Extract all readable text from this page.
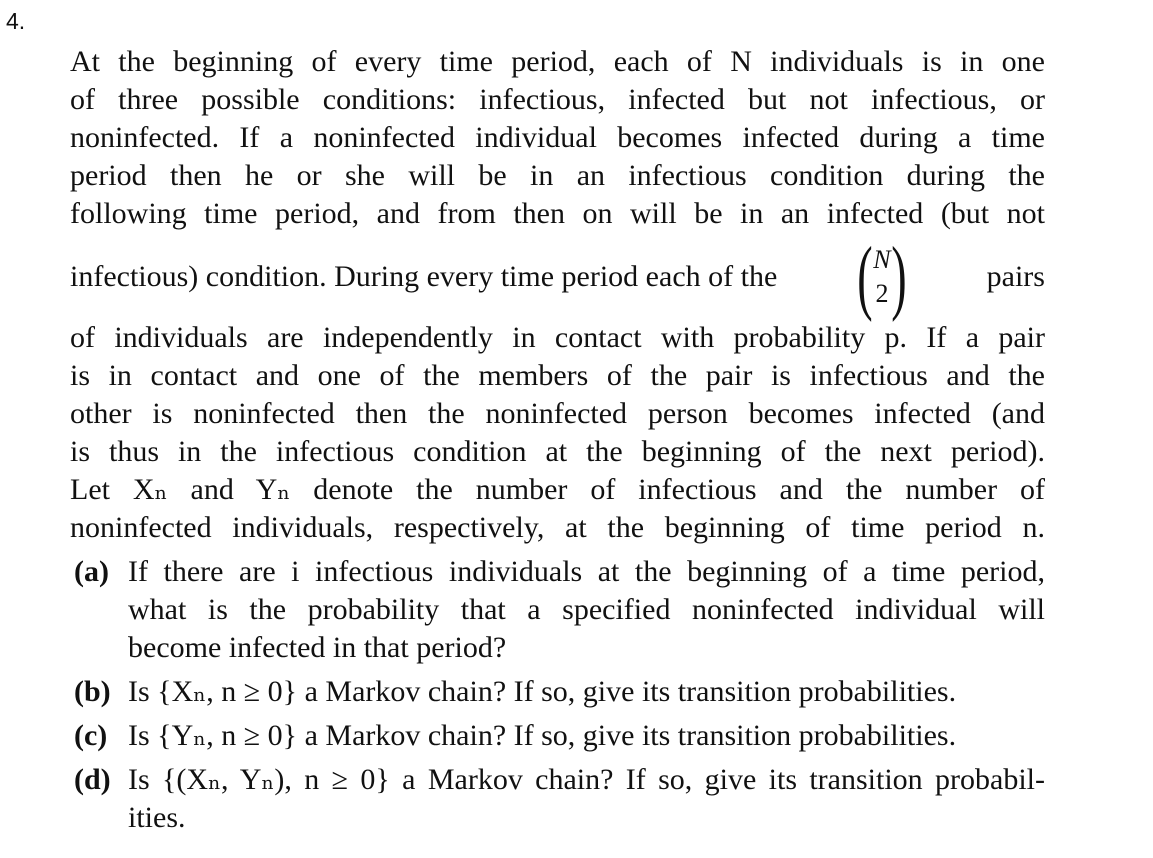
4.
At the beginning of every time period, each of N individuals is in one
of three possible conditions: infectious, infected but not infectious, or
noninfected. If a noninfected individual becomes infected during a time
period then he or she will be in an infectious condition during the
following time period, and from then on will be in an infected (but not
infectious) condition. During every time period each of the ( N
2 )	pairs
of individuals are independently in contact with probability p. If a pair
is in contact and one of the members of the pair is infectious and the
other is noninfected then the noninfected person becomes infected (and
is thus in the infectious condition at the beginning of the next period).
Let Xₙ and Yₙ denote the number of infectious and the number of
noninfected individuals, respectively, at the beginning of time period n.
(a) If there are i infectious individuals at the beginning of a time period,
what is the probability that a specified noninfected individual will
become infected in that period?
(b) Is {Xₙ, n ≥ 0} a Markov chain? If so, give its transition probabilities.
(c) Is {Yₙ, n ≥ 0} a Markov chain? If so, give its transition probabilities.
(d) Is {(Xₙ, Yₙ), n ≥ 0} a Markov chain? If so, give its transition probabil-
ities.
